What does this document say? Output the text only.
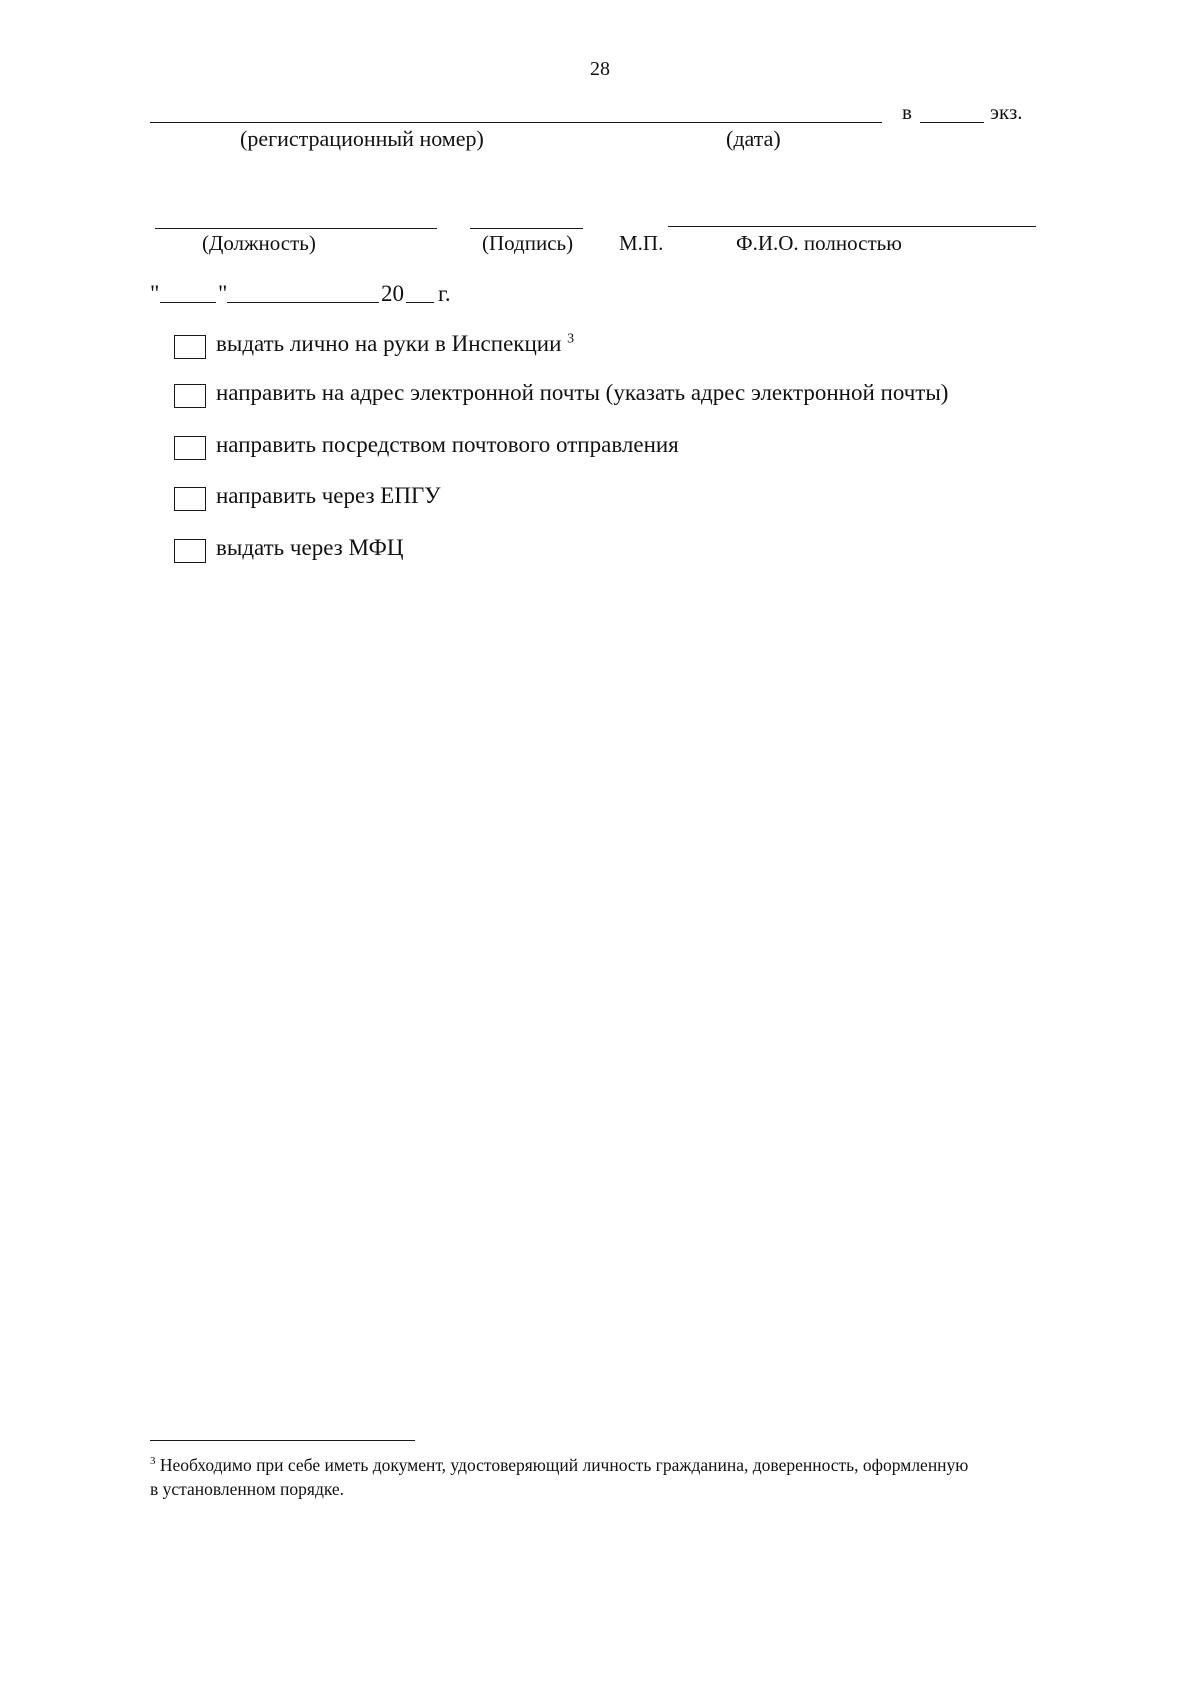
28
в	экз.
(регистрационный номер)	(дата)
(Должность)	(Подпись) М.П.	Ф.И.О. полностью
"	"	20 г.
выдать лично на руки в Инспекции $^3$
направить на адрес электронной почты (указать адрес электронной почты)
направить посредством почтового отправления
направить через ЕПГУ
выдать через МФЦ
$^3$ Необходимо при себе иметь документ, удостоверяющий личность гражданина, доверенность, оформленную
в установленном порядке.
